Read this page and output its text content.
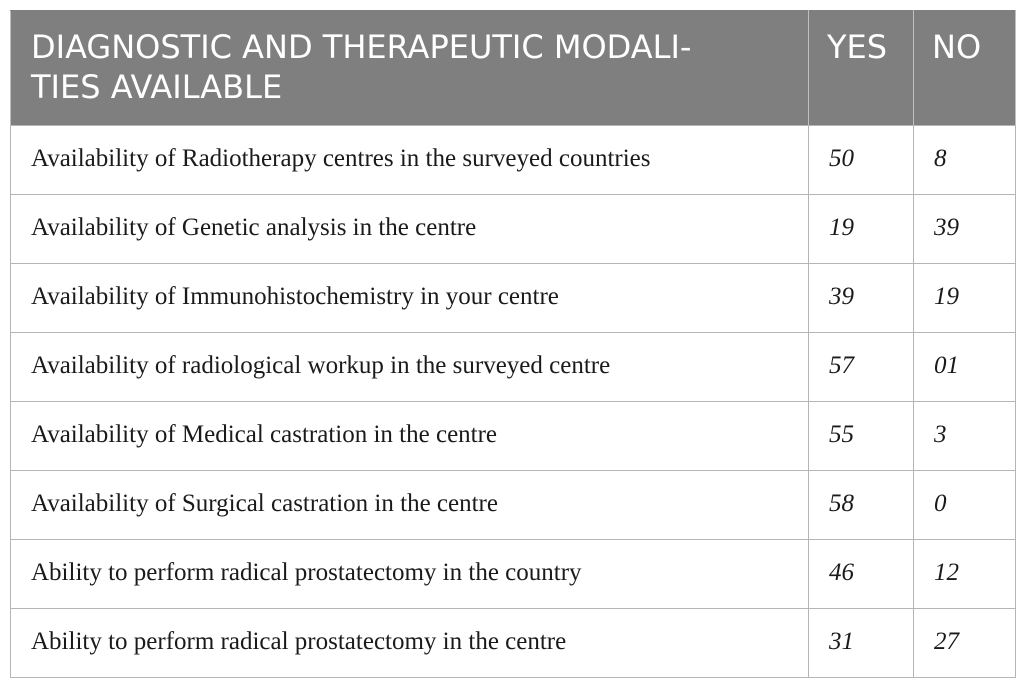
DIAGNOSTIC AND THERAPEUTIC MODALI-
TIES AVAILABLE	YES	NO
Availability of Radiotherapy centres in the surveyed countries	50	8
Availability of Genetic analysis in the centre	19	39
Availability of Immunohistochemistry in your centre	39	19
Availability of radiological workup in the surveyed centre	57	01
Availability of Medical castration in the centre	55	3
Availability of Surgical castration in the centre	58	0
Ability to perform radical prostatectomy in the country	46	12
Ability to perform radical prostatectomy in the centre	31	27
